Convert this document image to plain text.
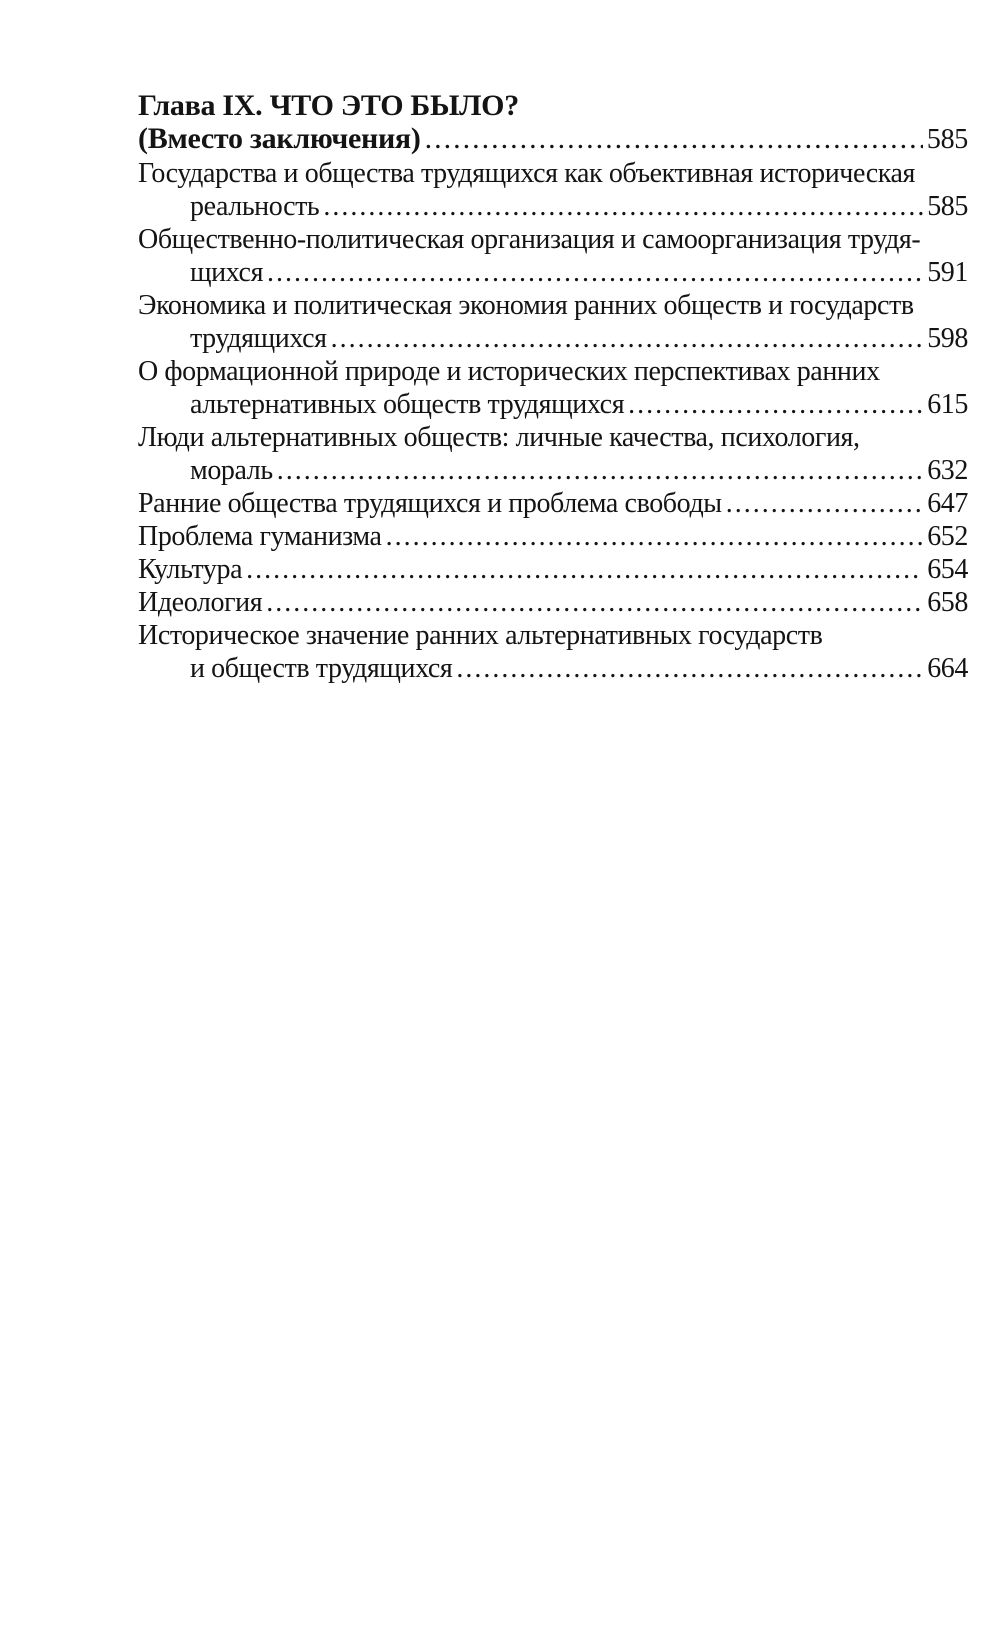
Глава IX. ЧТО ЭТО БЫЛО?
(Вместо заключения) .....	585
Государства и общества трудящихся как объективная историческая
реальность .....	585
Общественно-политическая организация и самоорганизация трудя-
щихся .....	591
Экономика и политическая экономия ранних обществ и государств
трудящихся .....	598
О формационной природе и исторических перспективах ранних
альтернативных обществ трудящихся .....	615
Люди альтернативных обществ: личные качества, психология,
мораль .....	632
Ранние общества трудящихся и проблема свободы .....	647
Проблема гуманизма .....	652
Культура .....	654
Идеология .....	658
Историческое значение ранних альтернативных государств
и обществ трудящихся .....	664
